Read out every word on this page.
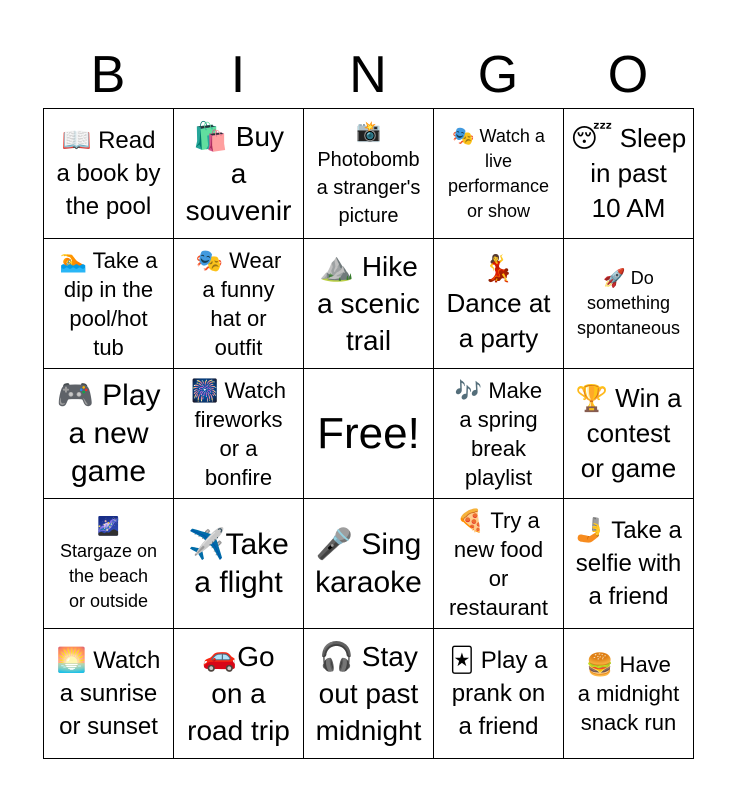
B	I	N	G	O
📖 Read
a book by
the pool	🛍️ Buy
a
souvenir	📸
Photobomb
a stranger's
picture	🎭 Watch a
live
performance
or show	😴 Sleep
in past
10 AM
🏊 Take a
dip in the
pool/hot
tub	🎭 Wear
a funny
hat or
outfit	⛰️ Hike
a scenic
trail	💃
Dance at
a party	🚀 Do
something
spontaneous
🎮 Play
a new
game	🎆 Watch
fireworks
or a
bonfire	Free!	🎶 Make
a spring
break
playlist	🏆 Win a
contest
or game
🌌
Stargaze on
the beach
or outside	✈️Take
a flight	🎤 Sing
karaoke	🍕 Try a
new food
or
restaurant	🤳 Take a
selfie with
a friend
🌅 Watch
a sunrise
or sunset	🚗Go
on a
road trip	🎧 Stay
out past
midnight	🃏 Play a
prank on
a friend	🍔 Have
a midnight
snack run
